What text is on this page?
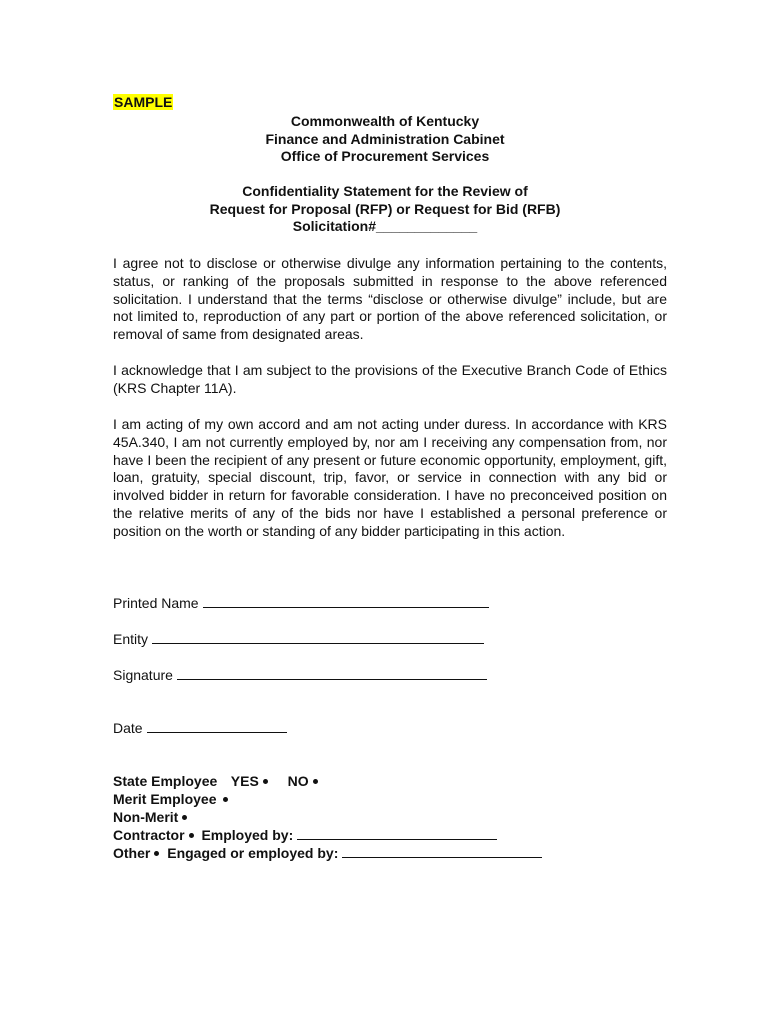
SAMPLE
Commonwealth of Kentucky
Finance and Administration Cabinet
Office of Procurement Services
Confidentiality Statement for the Review of
Request for Proposal (RFP) or Request for Bid (RFB)
Solicitation#_____________

I agree not to disclose or otherwise divulge any information pertaining to the contents, status, or ranking of the proposals submitted in response to the above referenced solicitation. I understand that the terms “disclose or otherwise divulge” include, but are not limited to, reproduction of any part or portion of the above referenced solicitation, or removal of same from designated areas.

I acknowledge that I am subject to the provisions of the Executive Branch Code of Ethics (KRS Chapter 11A).

I am acting of my own accord and am not acting under duress. In accordance with KRS 45A.340, I am not currently employed by, nor am I receiving any compensation from, nor have I been the recipient of any present or future economic opportunity, employment, gift, loan, gratuity, special discount, trip, favor, or service in connection with any bid or involved bidder in return for favorable consideration. I have no preconceived position on the relative merits of any of the bids nor have I established a personal preference or position on the worth or standing of any bidder participating in this action.

Printed Name
Entity
Signature
Date
State Employee YES NO
Merit Employee
Non-Merit
Contractor Employed by:
Other Engaged or employed by:
